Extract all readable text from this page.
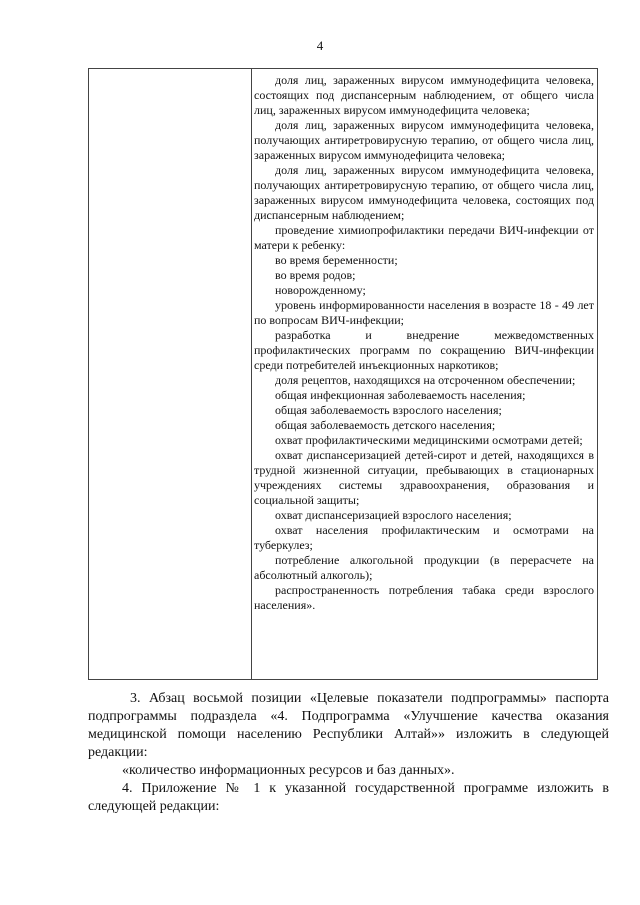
4

доля лиц, зараженных вирусом иммунодефицита человека, состоящих под диспансерным наблюдением, от общего числа лиц, зараженных вирусом иммунодефицита человека;

доля лиц, зараженных вирусом иммунодефицита человека, получающих антиретровирусную терапию, от общего числа лиц, зараженных вирусом иммунодефицита человека;

доля лиц, зараженных вирусом иммунодефицита человека, получающих антиретровирусную терапию, от общего числа лиц, зараженных вирусом иммунодефицита человека, состоящих под диспансерным наблюдением;

проведение химиопрофилактики передачи ВИЧ-инфекции от матери к ребенку:

во время беременности;

во время родов;

новорожденному;

уровень информированности населения в возрасте 18 - 49 лет по вопросам ВИЧ-инфекции;

разработка и внедрение межведомственных профилактических программ по сокращению ВИЧ-инфекции среди потребителей инъекционных наркотиков;

доля рецептов, находящихся на отсроченном обеспечении;

общая инфекционная заболеваемость населения;

общая заболеваемость взрослого населения;

общая заболеваемость детского населения;

охват профилактическими медицинскими осмотрами детей;

охват диспансеризацией детей-сирот и детей, находящихся в трудной жизненной ситуации, пребывающих в стационарных учреждениях системы здравоохранения, образования и социальной защиты;

охват диспансеризацией взрослого населения;

охват населения профилактическим и осмотрами на туберкулез;

потребление алкогольной продукции (в перерасчете на абсолютный алкоголь);

распространенность потребления табака среди взрослого населения».

3. Абзац восьмой позиции «Целевые показатели подпрограммы» паспорта подпрограммы подраздела «4. Подпрограмма «Улучшение качества оказания медицинской помощи населению Республики Алтай»» изложить в следующей редакции:

«количество информационных ресурсов и баз данных».

4. Приложение № 1 к указанной государственной программе изложить в следующей редакции:
